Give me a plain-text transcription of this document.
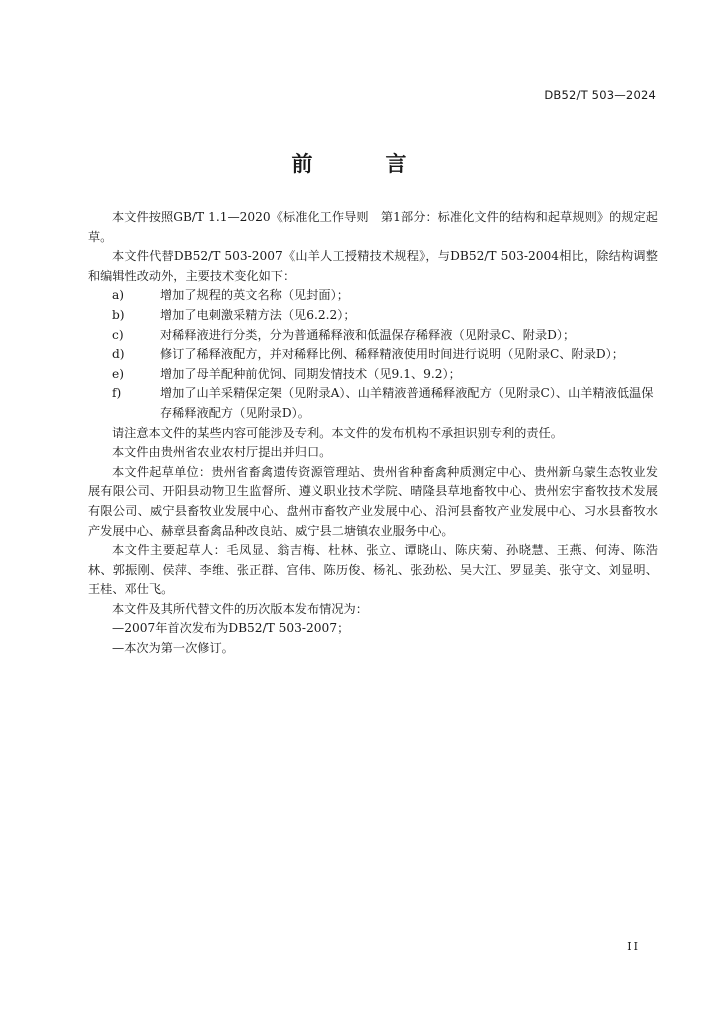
DB52/T 503—2024
前　言

本文件按照GB/T 1.1—2020《标准化工作导则　第1部分：标准化文件的结构和起草规则》的规定起草。

本文件代替DB52/T 503-2007《山羊人工授精技术规程》，与DB52/T 503-2004相比，除结构调整和编辑性改动外，主要技术变化如下：

a)	增加了规程的英文名称（见封面）；
b)	增加了电刺激采精方法（见6.2.2）；
c)	对稀释液进行分类，分为普通稀释液和低温保存稀释液（见附录C、附录D）；
d)	修订了稀释液配方，并对稀释比例、稀释精液使用时间进行说明（见附录C、附录D）；
e)	增加了母羊配种前优饲、同期发情技术（见9.1、9.2）；
f)	增加了山羊采精保定架（见附录A）、山羊精液普通稀释液配方（见附录C）、山羊精液低温保存稀释液配方（见附录D）。

请注意本文件的某些内容可能涉及专利。本文件的发布机构不承担识别专利的责任。

本文件由贵州省农业农村厅提出并归口。

本文件起草单位：贵州省畜禽遗传资源管理站、贵州省种畜禽种质测定中心、贵州新乌蒙生态牧业发展有限公司、开阳县动物卫生监督所、遵义职业技术学院、晴隆县草地畜牧中心、贵州宏宇畜牧技术发展有限公司、威宁县畜牧业发展中心、盘州市畜牧产业发展中心、沿河县畜牧产业发展中心、习水县畜牧水产发展中心、赫章县畜禽品种改良站、威宁县二塘镇农业服务中心。

本文件主要起草人：毛凤显、翁吉梅、杜林、张立、谭晓山、陈庆菊、孙晓慧、王燕、何涛、陈浩林、郭振刚、侯萍、李维、张正群、宫伟、陈历俊、杨礼、张劲松、吴大江、罗显美、张守文、刘显明、王桂、邓仕飞。

本文件及其所代替文件的历次版本发布情况为：

—2007年首次发布为DB52/T 503-2007；

—本次为第一次修订。

II
